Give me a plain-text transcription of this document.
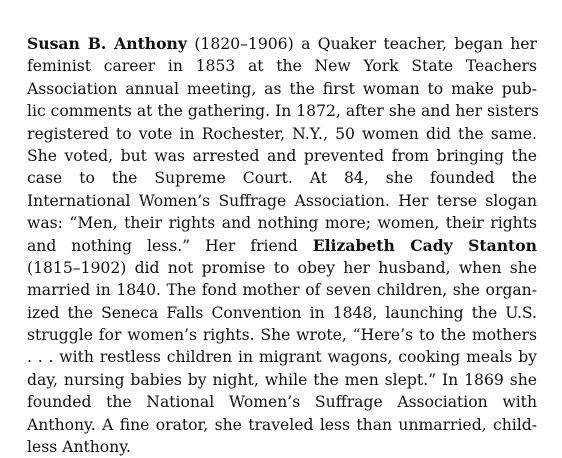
Susan B. Anthony (1820–1906) a Quaker teacher, began her
feminist career in 1853 at the New York State Teachers
Association annual meeting, as the first woman to make pub-
lic comments at the gathering. In 1872, after she and her sisters
registered to vote in Rochester, N.Y., 50 women did the same.
She voted, but was arrested and prevented from bringing the
case to the Supreme Court. At 84, she founded the
International Women’s Suffrage Association. Her terse slogan
was: “Men, their rights and nothing more; women, their rights
and nothing less.” Her friend Elizabeth Cady Stanton
(1815–1902) did not promise to obey her husband, when she
married in 1840. The fond mother of seven children, she organ-
ized the Seneca Falls Convention in 1848, launching the U.S.
struggle for women’s rights. She wrote, “Here’s to the mothers
. . . with restless children in migrant wagons, cooking meals by
day, nursing babies by night, while the men slept.” In 1869 she
founded the National Women’s Suffrage Association with
Anthony. A fine orator, she traveled less than unmarried, child-
less Anthony.
